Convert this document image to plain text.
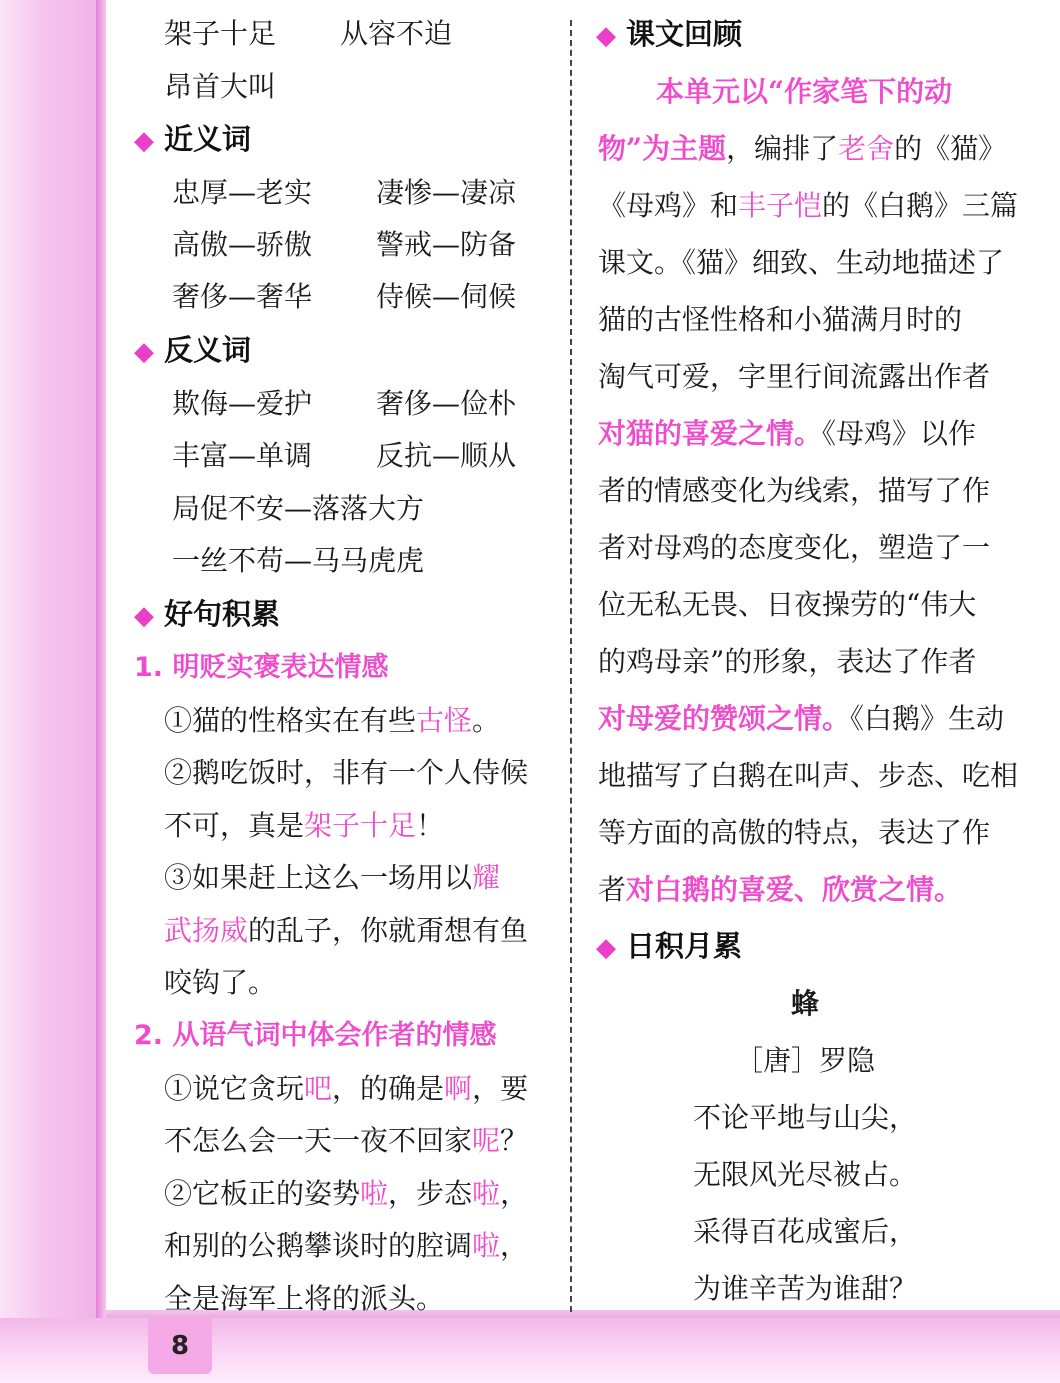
8
架子十足 从容不迫
昂首大叫
◆ 近义词
忠厚—老实 凄惨—凄凉
高傲—骄傲 警戒—防备
奢侈—奢华 侍候—伺候
◆ 反义词
欺侮—爱护 奢侈—俭朴
丰富—单调 反抗—顺从
局促不安—落落大方
一丝不苟—马马虎虎
◆ 好句积累
1. 明贬实褒表达情感
①猫的性格实在有些古怪。
②鹅吃饭时，非有一个人侍候
不可，真是架子十足！
③如果赶上这么一场用以耀
武扬威的乱子，你就甭想有鱼
咬钩了。
2. 从语气词中体会作者的情感
①说它贪玩吧，的确是啊，要
不怎么会一天一夜不回家呢？
②它板正的姿势啦，步态啦，
和别的公鹅攀谈时的腔调啦，
全是海军上将的派头。
◆ 课文回顾
本单元以“作家笔下的动
物”为主题，编排了老舍的《猫》
《母鸡》和丰子恺的《白鹅》三篇
课文。《猫》细致、生动地描述了
猫的古怪性格和小猫满月时的
淘气可爱，字里行间流露出作者
对猫的喜爱之情。《母鸡》以作
者的情感变化为线索，描写了作
者对母鸡的态度变化，塑造了一
位无私无畏、日夜操劳的“伟大
的鸡母亲”的形象，表达了作者
对母爱的赞颂之情。《白鹅》生动
地描写了白鹅在叫声、步态、吃相
等方面的高傲的特点，表达了作
者对白鹅的喜爱、欣赏之情。
◆ 日积月累
蜂
［唐］罗隐
不论平地与山尖，
无限风光尽被占。
采得百花成蜜后，
为谁辛苦为谁甜？
